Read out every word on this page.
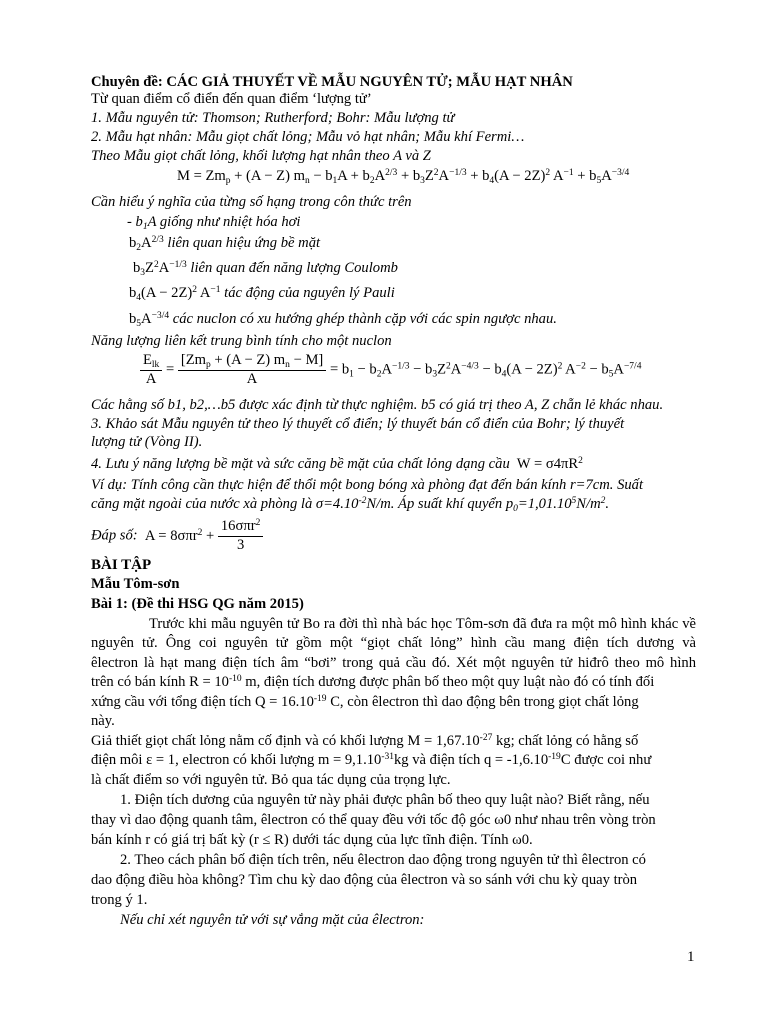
Chuyên đề: CÁC GIẢ THUYẾT VỀ MẪU NGUYÊN TỬ; MẪU HẠT NHÂN
Từ quan điểm cổ điển đến quan điểm ‘lượng tử’
1. Mẫu nguyên tử: Thomson; Rutherford; Bohr: Mẫu lượng tử
2. Mẫu hạt nhân: Mẫu giọt chất lỏng; Mẫu vỏ hạt nhân; Mẫu khí Fermi…
Theo Mẫu giọt chất lỏng, khối lượng hạt nhân theo A và Z
$M = Zm_p + (A - Z) m_n - b_1A + b_2A^{2/3} + b_3Z^2A^{-1/3} + b_4(A - 2Z)^2$ $A^{-1} + b_5A^{-3/4}$
Cần hiểu ý nghĩa của từng số hạng trong côn thức trên
- $b_1A$ giống như nhiệt hóa hơi
$b_2A^{2/3}$ liên quan hiệu ứng bề mặt
$b_3Z^2A^{-1/3}$ liên quan đến năng lượng Coulomb
$b_4(A - 2Z)^2$ $A^{-1}$ tác động của nguyên lý Pauli
$b_5A^{-3/4}$ các nuclon có xu hướng ghép thành cặp với các spin ngược nhau.
Năng lượng liên kết trung bình tính cho một nuclon
$\frac{E_{lk}}{A} = \frac{[Zm_p + (A - Z) m_n - M]}{A} = b_1 - b_2A^{-1/3} - b_3Z^2A^{-4/3} - b_4(A - 2Z)^2$ $A^{-2} - b_5A^{-7/4}$
Các hằng số b1, b2,…b5 được xác định từ thực nghiệm. b5 có giá trị theo A, Z chẵn lẻ khác nhau.
3. Khảo sát Mẫu nguyên tử theo lý thuyết cổ điển; lý thuyết bán cổ điển của Bohr; lý thuyết
lượng tử (Vòng II).
4. Lưu ý năng lượng bề mặt và sức căng bề mặt của chất lỏng dạng cầu  $W = \sigma 4\pi R^2$
Ví dụ: Tính công cần thực hiện để thổi một bong bóng xà phòng đạt đến bán kính r=7cm. Suất
căng mặt ngoài của nước xà phòng là $\sigma=4.10^{-2}N/m$. Áp suất khí quyển $p_0=1,01.10^5N/m^2$.
Đáp số:  $A = 8\sigma\pi r^2 + \frac{16\sigma\pi r^2}{3}$
BÀI TẬP
Mẫu Tôm-sơn
Bài 1: (Đề thi HSG QG năm 2015)
Trước khi mẫu nguyên tử Bo ra đời thì nhà bác học Tôm-sơn đã đưa ra một mô hình khác về
nguyên tử. Ông coi nguyên tử gồm một “giọt chất lỏng” hình cầu mang điện tích dương và
êlectron là hạt mang điện tích âm “bơi” trong quả cầu đó. Xét một nguyên tử hiđrô theo mô hình
trên có bán kính $R = 10^{-10}$ m, điện tích dương được phân bố theo một quy luật nào đó có tính đối
xứng cầu với tổng điện tích $Q = 16.10^{-19}$ C, còn êlectron thì dao động bên trong giọt chất lỏng
này.
Giả thiết giọt chất lỏng nằm cố định và có khối lượng $M = 1,67.10^{-27}$ kg; chất lỏng có hằng số
điện môi ε = 1, electron có khối lượng $m = 9,1.10^{-31}kg$ và điện tích $q = -1,6.10^{-19}C$ được coi như
là chất điểm so với nguyên tử. Bỏ qua tác dụng của trọng lực.
1. Điện tích dương của nguyên tử này phải được phân bố theo quy luật nào? Biết rằng, nếu
thay vì dao động quanh tâm, êlectron có thể quay đều với tốc độ góc ω0 như nhau trên vòng tròn
bán kính r có giá trị bất kỳ (r ≤ R) dưới tác dụng của lực tĩnh điện. Tính ω0.
2. Theo cách phân bố điện tích trên, nếu êlectron dao động trong nguyên tử thì êlectron có
dao động điều hòa không? Tìm chu kỳ dao động của êlectron và so sánh với chu kỳ quay tròn
trong ý 1.
Nếu chỉ xét nguyên tử với sự vắng mặt của êlectron:
1
